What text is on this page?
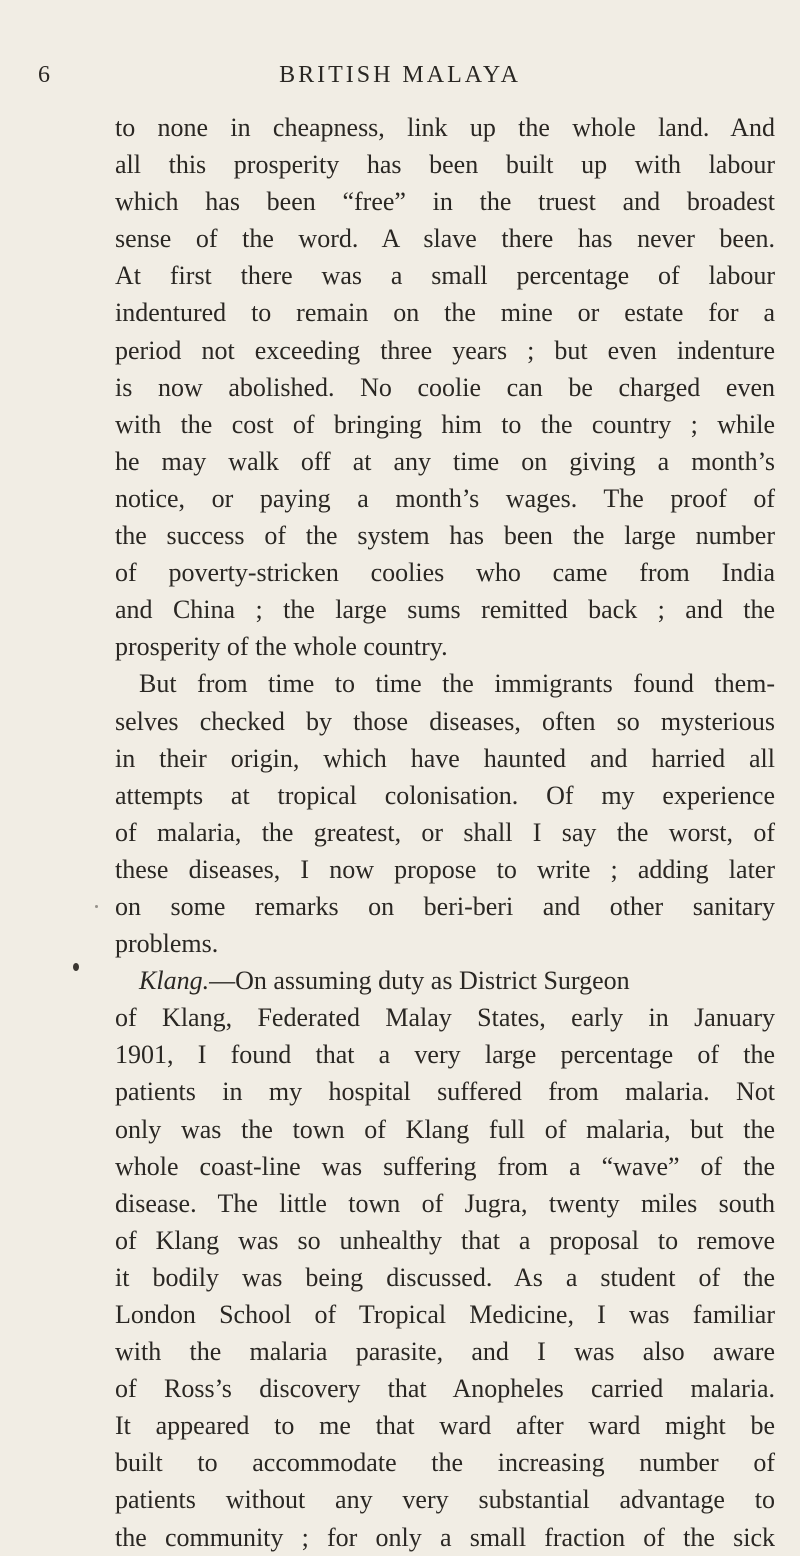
6	BRITISH MALAYA
to none in cheapness, link up the whole land. And
all this prosperity has been built up with labour
which has been “free” in the truest and broadest
sense of the word. A slave there has never been.
At first there was a small percentage of labour
indentured to remain on the mine or estate for a
period not exceeding three years ; but even indenture
is now abolished. No coolie can be charged even
with the cost of bringing him to the country ; while
he may walk off at any time on giving a month’s
notice, or paying a month’s wages. The proof of
the success of the system has been the large number
of poverty-stricken coolies who came from India
and China ; the large sums remitted back ; and the
prosperity of the whole country.
But from time to time the immigrants found them-
selves checked by those diseases, often so mysterious
in their origin, which have haunted and harried all
attempts at tropical colonisation. Of my experience
of malaria, the greatest, or shall I say the worst, of
these diseases, I now propose to write ; adding later
on some remarks on beri-beri and other sanitary
problems.
Klang.—On assuming duty as District Surgeon
of Klang, Federated Malay States, early in January
1901, I found that a very large percentage of the
patients in my hospital suffered from malaria. Not
only was the town of Klang full of malaria, but the
whole coast-line was suffering from a “wave” of the
disease. The little town of Jugra, twenty miles south
of Klang was so unhealthy that a proposal to remove
it bodily was being discussed. As a student of the
London School of Tropical Medicine, I was familiar
with the malaria parasite, and I was also aware
of Ross’s discovery that Anopheles carried malaria.
It appeared to me that ward after ward might be
built to accommodate the increasing number of
patients without any very substantial advantage to
the community ; for only a small fraction of the sick
